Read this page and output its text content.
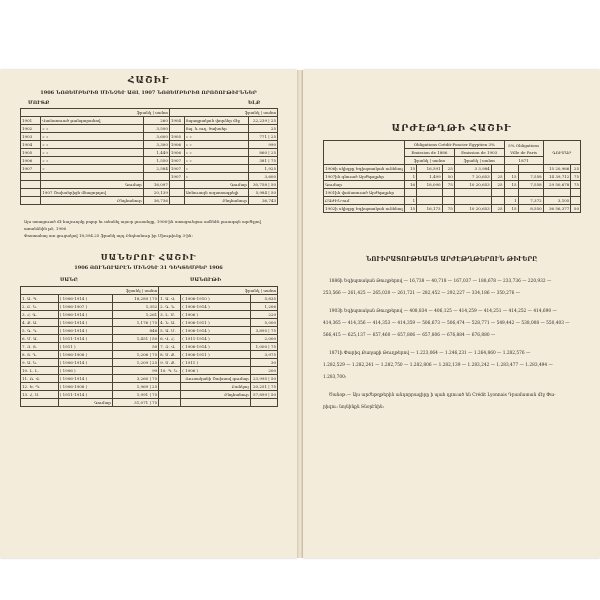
ՀԱՇԻՒ
1906 ՆՈՅԵՄԲԵՐԻՑ ՄԻՆՉԵՒ ԱՅԼ 1907 ՆՈՅԵՄԲԵՐԻՑ ՈՐՈՇՈՒԹԻՒՆՆԵՐ
ՄՈՒՏՔ	ԵԼՔ
ֆրանկ | սանտ			ֆրանկ | սանտ		
1901	Վաճառուած թանգարանով	260	1904	Տպագրական փորձեր մէջ	22,239 | 25
1902	» »	3,500		Տպ. և ուղ. ծախսեր	25
1903	» »	3,600	1905	» »	771 | 25
1904	» »	3,300	1906	» »	990
1905	» »	1,449	1906	» »	860 | 25
1906	» »	1,550	1907	» »	381 | 75
1907	»	2,584	1907	»	1,925
			1907	»	3,600
	Գումար	16,097		Գումար	30,758 | 50
	1907 Ծախսերիցն մնացորդով	20,139		Առնուազն ազատագրելի	5,984 | 50
	Ընդհանուր	36,736		Ընդհանուր	36,743
Այս ստացուած մէ հաշուոյմը բոլոր եւ տեսնել այսօր լուսանցք, 1906-ին ստացուեցաւ ամէնէն լաւագոյն արժէքով առանձնին թէ, 1906
Փոստահայ առ ցուցակով 18,594.25 ֆրանկ այդ Ընդհանուր իր Միութիւնը 3-ին։
ՍԱՆԵՐՈՒ ՀԱՇԻՒ
1906 ՅՈՒՆՈՒԱՐԷՆ ՄԻՆՉԵՒ 31 ԴԵԿՏԵՄԲԵՐ 1906
ՍԱՆԸ	ՍԱՆՈՒԹԻ
ֆրանկ | սանտ			ֆրանկ | սանտ		
1. Ա. Պ.	( 1906-1914 )	18,289 | 75	1. Ա. Վ.	( 1906-1910 )	5,835
2. Բ. Ն.	( 1906-1907 )	1,352	2. Գ. Ն.	( 1906-1914 )	1,206
3. Հ. Գ.	( 1906-1914 )	1,261	3. Լ. Մ.	( 1906 )	220
4. Ք. Ա.	( 1906-1914 )	1,176 | 75	4. Ն. Ա.	( 1906-1911 )	5,000
5. Գ. Դ.	( 1906-1914 )	846	5. Ա. Մ.	( 1906-1914 )	3,895 | 75
6. Մ. Ա.	( 1911-1914 )	1,451 | 50	6. Վ. Հ.	( 1911-1914 )	2,000
7. Զ. Տ.	( 1911 )	50	7. Զ. Վ.	( 1906-1914 )	1,000 | 75
8. Տ. Դ.	( 1906-1908 )	1,206 | 75	8. Ս. Ք.	( 1906-1911 )	3,975
9. Ա. Ն.	( 1906-1914 )	1,209 | 25	9. Ս. Ք.	( 1911 )	30
10. Լ. Լ.	( 1906 )	99	10. Պ. Ն.	( 1906 )	200
11. Ռ. Վ.	( 1906-1914 )	3,260 | 75		Ռուսականի Ծախսով գումար	23,995 | 50
12. Ե. Պ.	( 1906-1908 )	1,969 | 25		Բանկայ	20,251 | 75
13. Հ. Ս.	( 1911-1914 )	1,991 | 75		Ընդհանուր	57,899 | 50
	Գումար	31,071 | 75			
ԱՐԺԷԹՂԹԻ ՀԱՇԻՒ
	Obligations Crédit-Foncier Egyptien 3%					5% Obligations Ville de Paris		ԳՈՒՄԱՐ	
	Emission de 1886			Emission de 1903					
	ֆրանկ | սանտ			ֆրանկ | սանտ		1871			
1906ի սկիզբը Եգիպտական ունենալ	15	16,591	25	3 3,984				15 20,966	25
1907ին գնուած Արժեթղթեր	1	1,499	50	7 20,653	25	15	7,558	14 39,712	75
Գումար	16	18,090	75	10 20,653	25	15	7,558	29 50,678	75
1901ին վաճառուած Արժեթղթեր									
ԲԱԺԻՆ-ում	1					1	7,372	3,105	
1902ի սկիզբը Եգիպտական ունենալ	15	16,173	75	10 20,653	25	15	8,550	36 56,377	50
ՆՈՒԻՐԱՏՈՒԹԵԱՆՑ ԱՐԺԷԹՂԹԵՐՈՒՆ ԹԻՒԵՐԸ
1886ի Եգիպտական Թուղթերով — 16,738 — 40,718 — 167,037 — 188,678 — 233,736 — 220,932 —
253,566 — 261,425 — 265,020 — 261,721 — 282,452 — 292,227 — 334,186 — 350,276 —
1903ի Եգիպտական Թուղթերով — 408,834 — 406,125 — 414,259 — 414,251 — 414,252 — 414,690 —
414,365 — 414,356 — 414,353 — 414,359 — 506,673 — 506,474 — 528,771 — 549,442 — 538,008 — 550,403 —
566,415 — 625,137 — 657,460 — 657,806 — 657,806 — 676,884 — 676,880 —
1871ի Փարիզ Քաղաքի Թուղթերով — 1.223,064 — 1.246,231 — 1.264,860 — 1.282,576 —
1.282,529 — 1.282,241 — 1.282,750 — 1.282,806 — 1.282,139 — 1.283,242 — 1.283,477 — 1.283,494 —
1.283,700։
Ծանօթ.— Այս արժեթղթերին անդորրագիրը ի պահ դրուած են Crédit Lyonnais Դրամատան մէջ Փա-
րիզու։ նոյնինքն Տնօրէնին։
